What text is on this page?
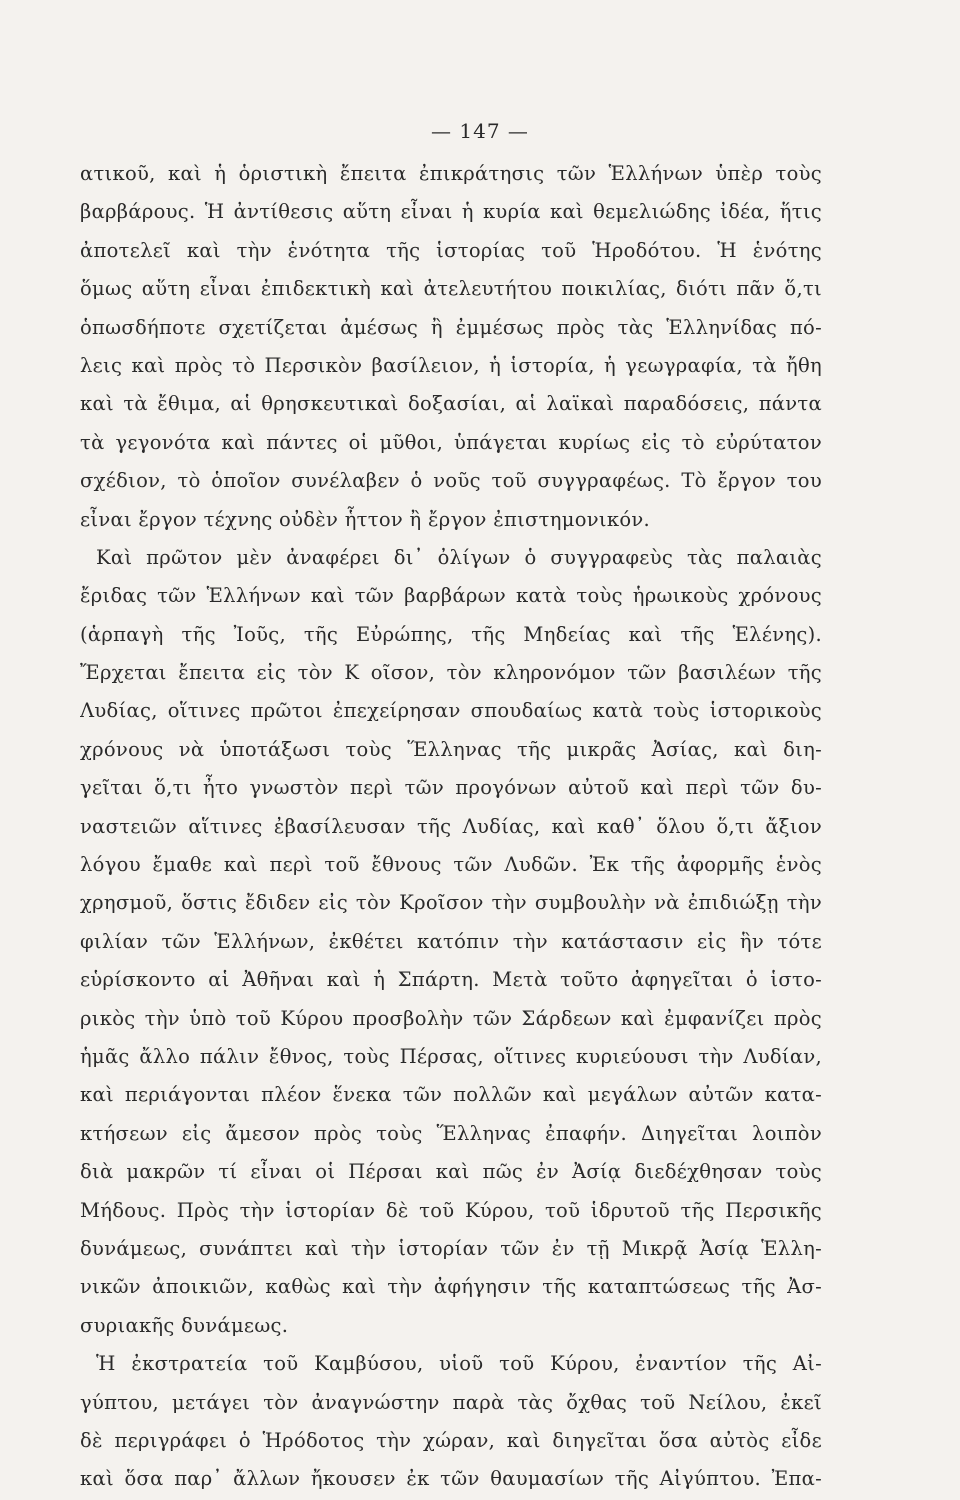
— 147 —
ατικοῦ, καὶ ἡ ὁριστικὴ ἔπειτα ἐπικράτησις τῶν Ἑλλήνων ὑπὲρ τοὺς
βαρβάρους. Ἡ ἀντίθεσις αὕτη εἶναι ἡ κυρία καὶ θεμελιώδης ἰδέα, ἥτις
ἀποτελεῖ καὶ τὴν ἑνότητα τῆς ἱστορίας τοῦ Ἡροδότου. Ἡ ἑνότης
ὅμως αὕτη εἶναι ἐπιδεκτικὴ καὶ ἀτελευτήτου ποικιλίας, διότι πᾶν ὅ,τι
ὁπωσδήποτε σχετίζεται ἀμέσως ἢ ἐμμέσως πρὸς τὰς Ἑλληνίδας πό-
λεις καὶ πρὸς τὸ Περσικὸν βασίλειον, ἡ ἱστορία, ἡ γεωγραφία, τὰ ἤθη
καὶ τὰ ἔθιμα, αἱ θρησκευτικαὶ δοξασίαι, αἱ λαϊκαὶ παραδόσεις, πάντα
τὰ γεγονότα καὶ πάντες οἱ μῦθοι, ὑπάγεται κυρίως εἰς τὸ εὐρύτατον
σχέδιον, τὸ ὁποῖον συνέλαβεν ὁ νοῦς τοῦ συγγραφέως. Τὸ ἔργον του
εἶναι ἔργον τέχνης οὐδὲν ἧττον ἢ ἔργον ἐπιστημονικόν.
Καὶ πρῶτον μὲν ἀναφέρει δι᾽ ὀλίγων ὁ συγγραφεὺς τὰς παλαιὰς
ἔριδας τῶν Ἑλλήνων καὶ τῶν βαρβάρων κατὰ τοὺς ἡρωικοὺς χρόνους
(ἁρπαγὴ τῆς Ἰοῦς, τῆς Εὐρώπης, τῆς Μηδείας καὶ τῆς Ἑλένης).
Ἔρχεται ἔπειτα εἰς τὸν Κ οῖσον, τὸν κληρονόμον τῶν βασιλέων τῆς
Λυδίας, οἵτινες πρῶτοι ἐπεχείρησαν σπουδαίως κατὰ τοὺς ἱστορικοὺς
χρόνους νὰ ὑποτάξωσι τοὺς Ἕλληνας τῆς μικρᾶς Ἀσίας, καὶ διη-
γεῖται ὅ,τι ἦτο γνωστὸν περὶ τῶν προγόνων αὐτοῦ καὶ περὶ τῶν δυ-
ναστειῶν αἵτινες ἐβασίλευσαν τῆς Λυδίας, καὶ καθ᾽ ὅλου ὅ,τι ἄξιον
λόγου ἔμαθε καὶ περὶ τοῦ ἔθνους τῶν Λυδῶν. Ἐκ τῆς ἀφορμῆς ἑνὸς
χρησμοῦ, ὅστις ἔδιδεν εἰς τὸν Κροῖσον τὴν συμβουλὴν νὰ ἐπιδιώξῃ τὴν
φιλίαν τῶν Ἑλλήνων, ἐκθέτει κατόπιν τὴν κατάστασιν εἰς ἣν τότε
εὑρίσκοντο αἱ Ἀθῆναι καὶ ἡ Σπάρτη. Μετὰ τοῦτο ἀφηγεῖται ὁ ἱστο-
ρικὸς τὴν ὑπὸ τοῦ Κύρου προσβολὴν τῶν Σάρδεων καὶ ἐμφανίζει πρὸς
ἡμᾶς ἄλλο πάλιν ἔθνος, τοὺς Πέρσας, οἵτινες κυριεύουσι τὴν Λυδίαν,
καὶ περιάγονται πλέον ἕνεκα τῶν πολλῶν καὶ μεγάλων αὐτῶν κατα-
κτήσεων εἰς ἄμεσον πρὸς τοὺς Ἕλληνας ἐπαφήν. Διηγεῖται λοιπὸν
διὰ μακρῶν τί εἶναι οἱ Πέρσαι καὶ πῶς ἐν Ἀσίᾳ διεδέχθησαν τοὺς
Μήδους. Πρὸς τὴν ἱστορίαν δὲ τοῦ Κύρου, τοῦ ἱδρυτοῦ τῆς Περσικῆς
δυνάμεως, συνάπτει καὶ τὴν ἱστορίαν τῶν ἐν τῇ Μικρᾷ Ἀσίᾳ Ἑλλη-
νικῶν ἀποικιῶν, καθὼς καὶ τὴν ἀφήγησιν τῆς καταπτώσεως τῆς Ἀσ-
συριακῆς δυνάμεως.
Ἡ ἐκστρατεία τοῦ Καμβύσου, υἱοῦ τοῦ Κύρου, ἐναντίον τῆς Αἰ-
γύπτου, μετάγει τὸν ἀναγνώστην παρὰ τὰς ὄχθας τοῦ Νείλου, ἐκεῖ
δὲ περιγράφει ὁ Ἡρόδοτος τὴν χώραν, καὶ διηγεῖται ὅσα αὐτὸς εἶδε
καὶ ὅσα παρ᾽ ἄλλων ἤκουσεν ἐκ τῶν θαυμασίων τῆς Αἰγύπτου. Ἐπα-
